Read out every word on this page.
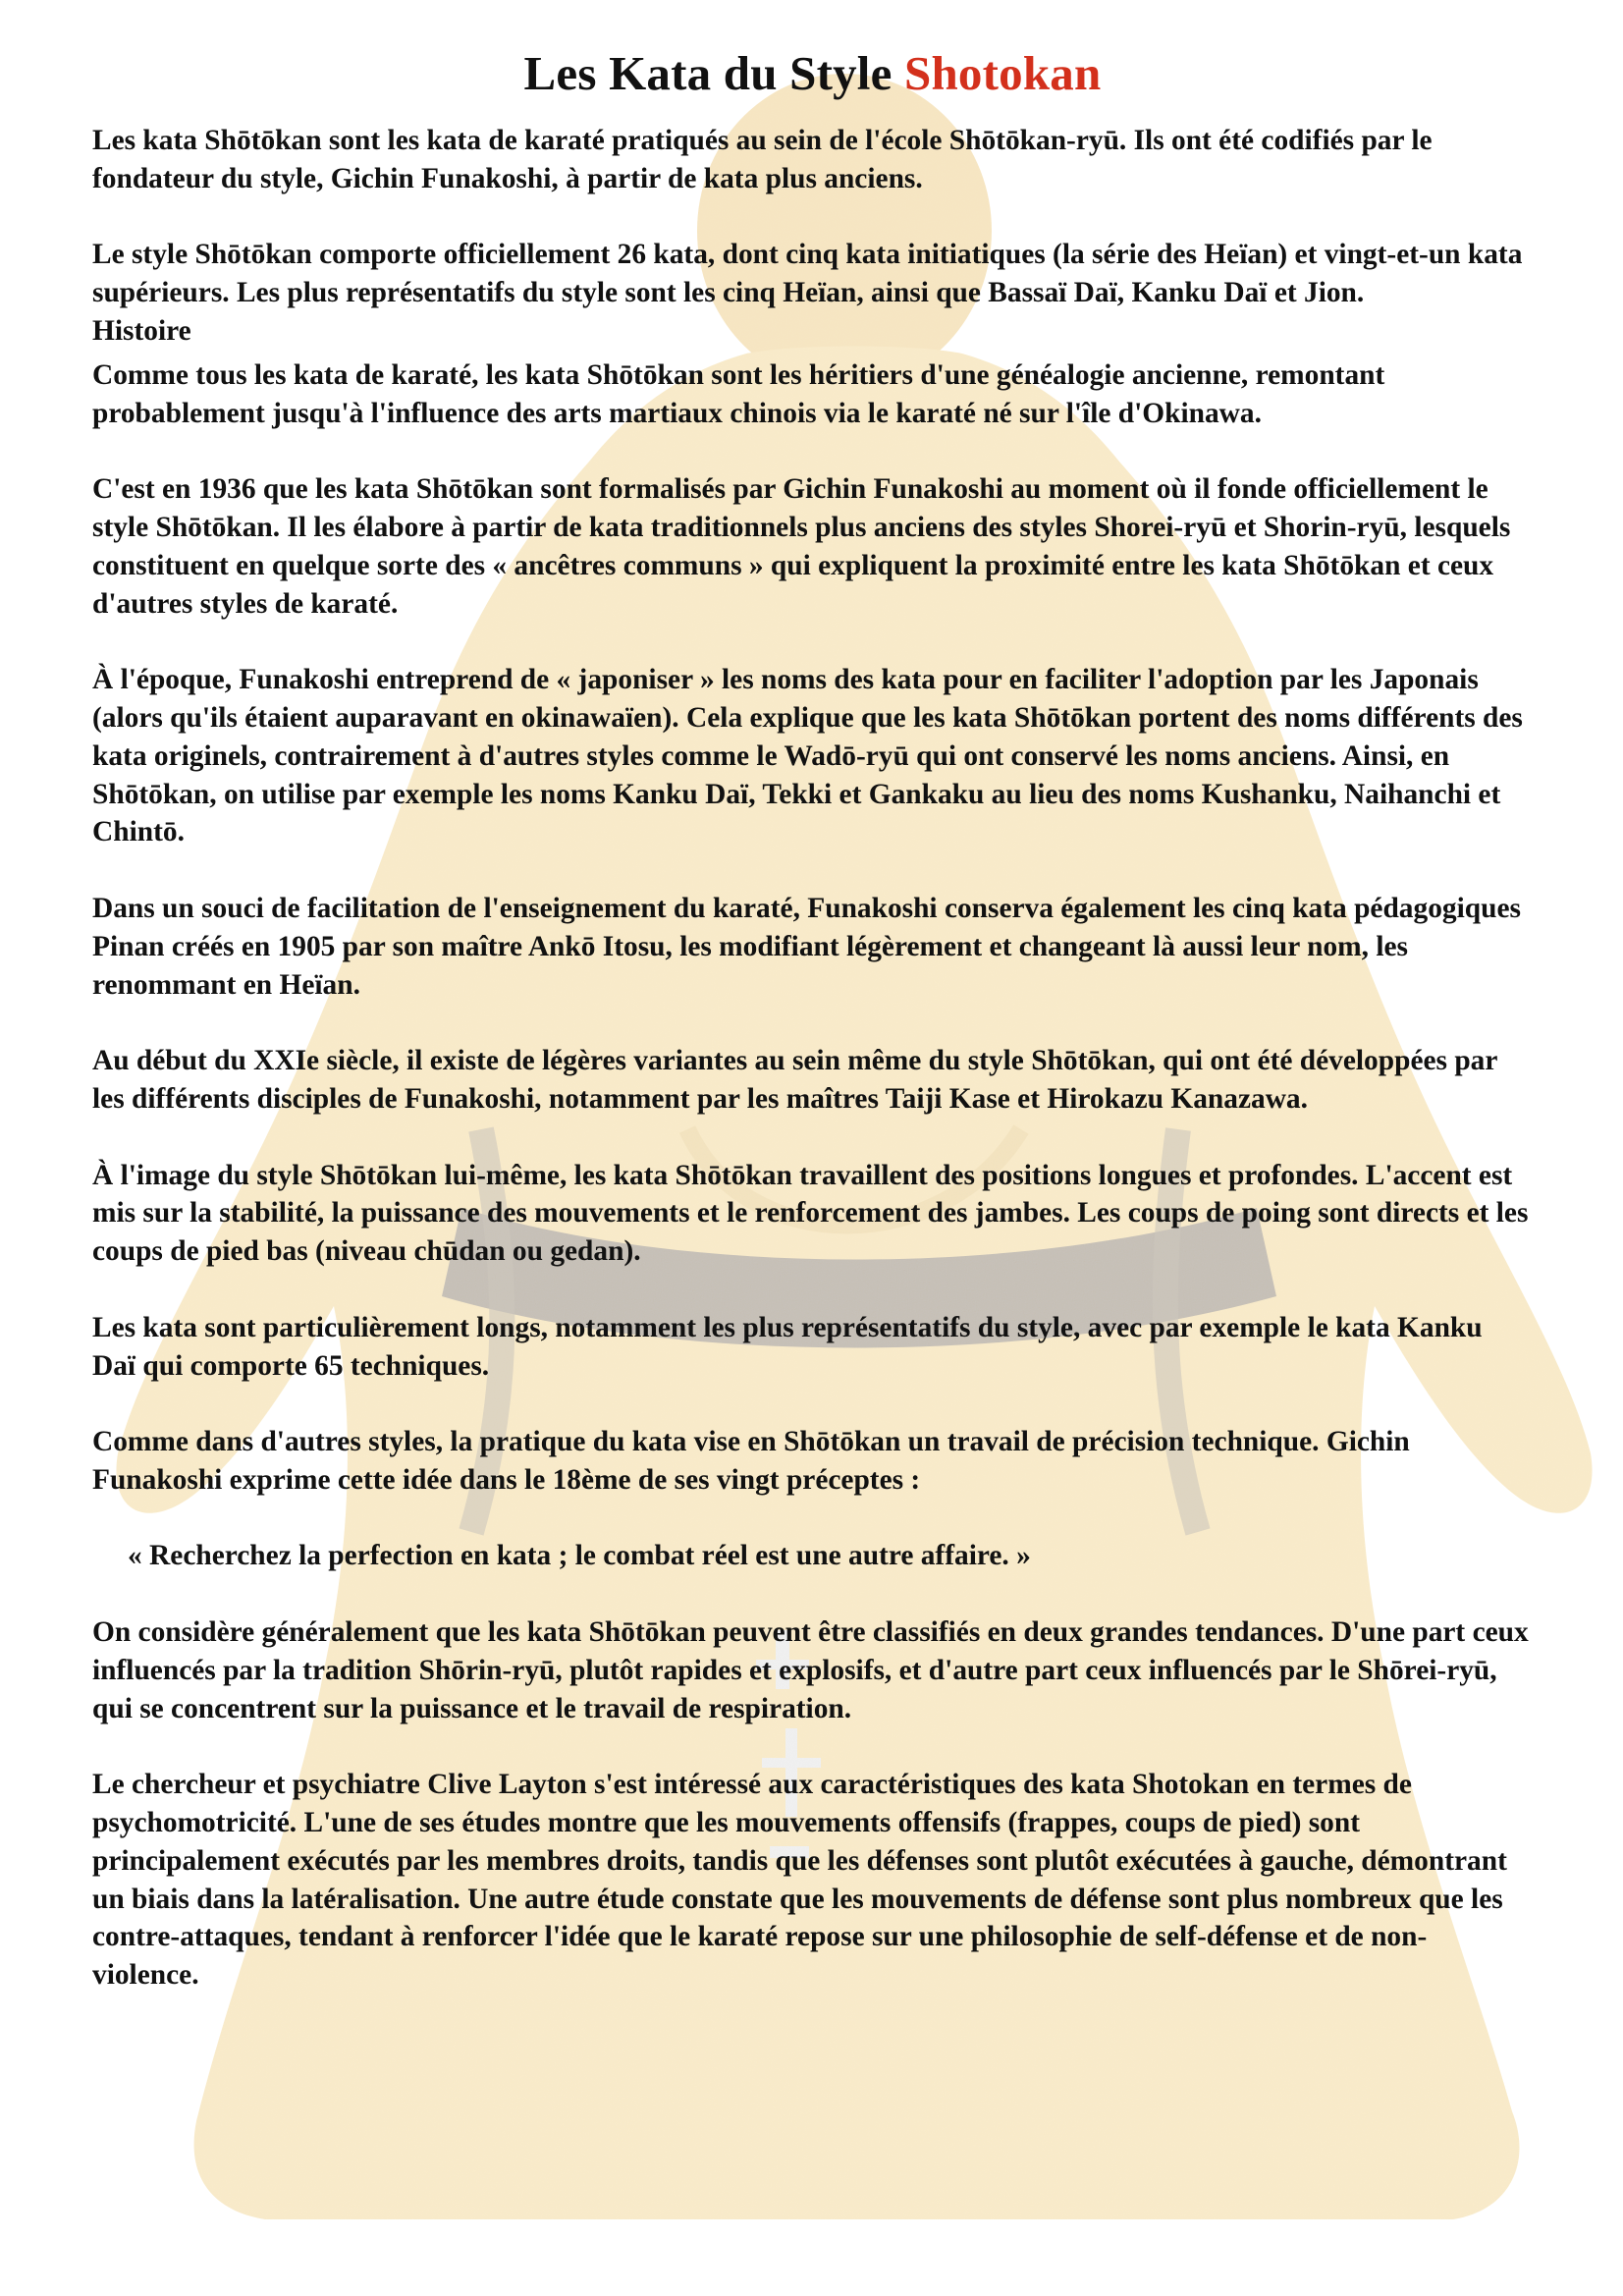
Les Kata du Style Shotokan

Les kata Shōtōkan sont les kata de karaté pratiqués au sein de l'école Shōtōkan-ryū. Ils ont été codifiés par le fondateur du style, Gichin Funakoshi, à partir de kata plus anciens.

Le style Shōtōkan comporte officiellement 26 kata, dont cinq kata initiatiques (la série des Heïan) et vingt-et-un kata supérieurs. Les plus représentatifs du style sont les cinq Heïan, ainsi que Bassaï Daï, Kanku Daï et Jion.

Histoire

Comme tous les kata de karaté, les kata Shōtōkan sont les héritiers d'une généalogie ancienne, remontant probablement jusqu'à l'influence des arts martiaux chinois via le karaté né sur l'île d'Okinawa.

C'est en 1936 que les kata Shōtōkan sont formalisés par Gichin Funakoshi au moment où il fonde officiellement le style Shōtōkan. Il les élabore à partir de kata traditionnels plus anciens des styles Shorei-ryū et Shorin-ryū, lesquels constituent en quelque sorte des « ancêtres communs » qui expliquent la proximité entre les kata Shōtōkan et ceux d'autres styles de karaté.

À l'époque, Funakoshi entreprend de « japoniser » les noms des kata pour en faciliter l'adoption par les Japonais (alors qu'ils étaient auparavant en okinawaïen). Cela explique que les kata Shōtōkan portent des noms différents des kata originels, contrairement à d'autres styles comme le Wadō-ryū qui ont conservé les noms anciens. Ainsi, en Shōtōkan, on utilise par exemple les noms Kanku Daï, Tekki et Gankaku au lieu des noms Kushanku, Naihanchi et Chintō.

Dans un souci de facilitation de l'enseignement du karaté, Funakoshi conserva également les cinq kata pédagogiques Pinan créés en 1905 par son maître Ankō Itosu, les modifiant légèrement et changeant là aussi leur nom, les renommant en Heïan.

Au début du XXIe siècle, il existe de légères variantes au sein même du style Shōtōkan, qui ont été développées par les différents disciples de Funakoshi, notamment par les maîtres Taiji Kase et Hirokazu Kanazawa.

À l'image du style Shōtōkan lui-même, les kata Shōtōkan travaillent des positions longues et profondes. L'accent est mis sur la stabilité, la puissance des mouvements et le renforcement des jambes. Les coups de poing sont directs et les coups de pied bas (niveau chūdan ou gedan).

Les kata sont particulièrement longs, notamment les plus représentatifs du style, avec par exemple le kata Kanku Daï qui comporte 65 techniques.

Comme dans d'autres styles, la pratique du kata vise en Shōtōkan un travail de précision technique. Gichin Funakoshi exprime cette idée dans le 18ème de ses vingt préceptes :

« Recherchez la perfection en kata ; le combat réel est une autre affaire. »

On considère généralement que les kata Shōtōkan peuvent être classifiés en deux grandes tendances. D'une part ceux influencés par la tradition Shōrin-ryū, plutôt rapides et explosifs, et d'autre part ceux influencés par le Shōrei-ryū, qui se concentrent sur la puissance et le travail de respiration.

Le chercheur et psychiatre Clive Layton s'est intéressé aux caractéristiques des kata Shotokan en termes de psychomotricité. L'une de ses études montre que les mouvements offensifs (frappes, coups de pied) sont principalement exécutés par les membres droits, tandis que les défenses sont plutôt exécutées à gauche, démontrant un biais dans la latéralisation. Une autre étude constate que les mouvements de défense sont plus nombreux que les contre-attaques, tendant à renforcer l'idée que le karaté repose sur une philosophie de self-défense et de non-violence.
